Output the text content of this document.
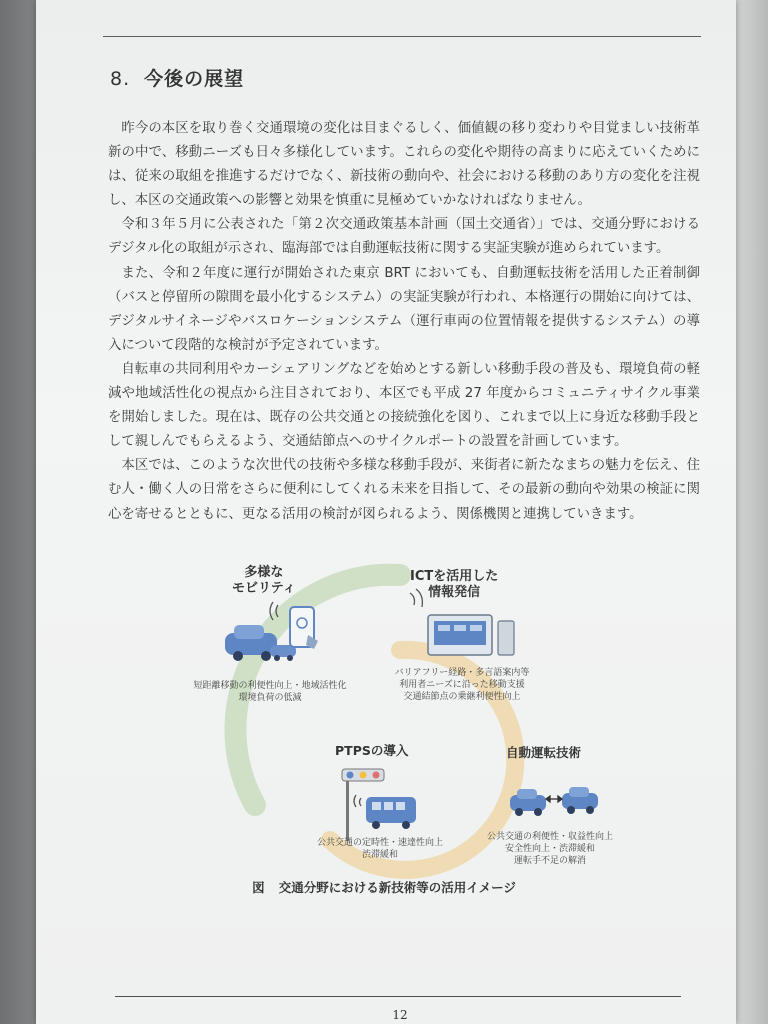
8. 今後の展望

昨今の本区を取り巻く交通環境の変化は目まぐるしく、価値観の移り変わりや目覚ましい技術革新の中で、移動ニーズも日々多様化しています。これらの変化や期待の高まりに応えていくためには、従来の取組を推進するだけでなく、新技術の動向や、社会における移動のあり方の変化を注視し、本区の交通政策への影響と効果を慎重に見極めていかなければなりません。

令和３年５月に公表された「第２次交通政策基本計画（国土交通省）」では、交通分野におけるデジタル化の取組が示され、臨海部では自動運転技術に関する実証実験が進められています。

また、令和２年度に運行が開始された東京 BRT においても、自動運転技術を活用した正着制御（バスと停留所の隙間を最小化するシステム）の実証実験が行われ、本格運行の開始に向けては、デジタルサイネージやバスロケーションシステム（運行車両の位置情報を提供するシステム）の導入について段階的な検討が予定されています。

自転車の共同利用やカーシェアリングなどを始めとする新しい移動手段の普及も、環境負荷の軽減や地域活性化の視点から注目されており、本区でも平成 27 年度からコミュニティサイクル事業を開始しました。現在は、既存の公共交通との接続強化を図り、これまで以上に身近な移動手段として親しんでもらえるよう、交通結節点へのサイクルポートの設置を計画しています。

本区では、このような次世代の技術や多様な移動手段が、来街者に新たなまちの魅力を伝え、住む人・働く人の日常をさらに便利にしてくれる未来を目指して、その最新の動向や効果の検証に関心を寄せるとともに、更なる活用の検討が図られるよう、関係機関と連携していきます。

多様な
モビリティ
短距離移動の利便性向上・地域活性化
環境負荷の低減
ICTを活用した
情報発信
バリアフリー経路・多言語案内等
利用者ニーズに沿った移動支援
交通結節点の乗継利便性向上
PTPSの導入
公共交通の定時性・速達性向上
渋滞緩和
自動運転技術
公共交通の利便性・収益性向上
安全性向上・渋滞緩和
運転手不足の解消
図 交通分野における新技術等の活用イメージ
12
